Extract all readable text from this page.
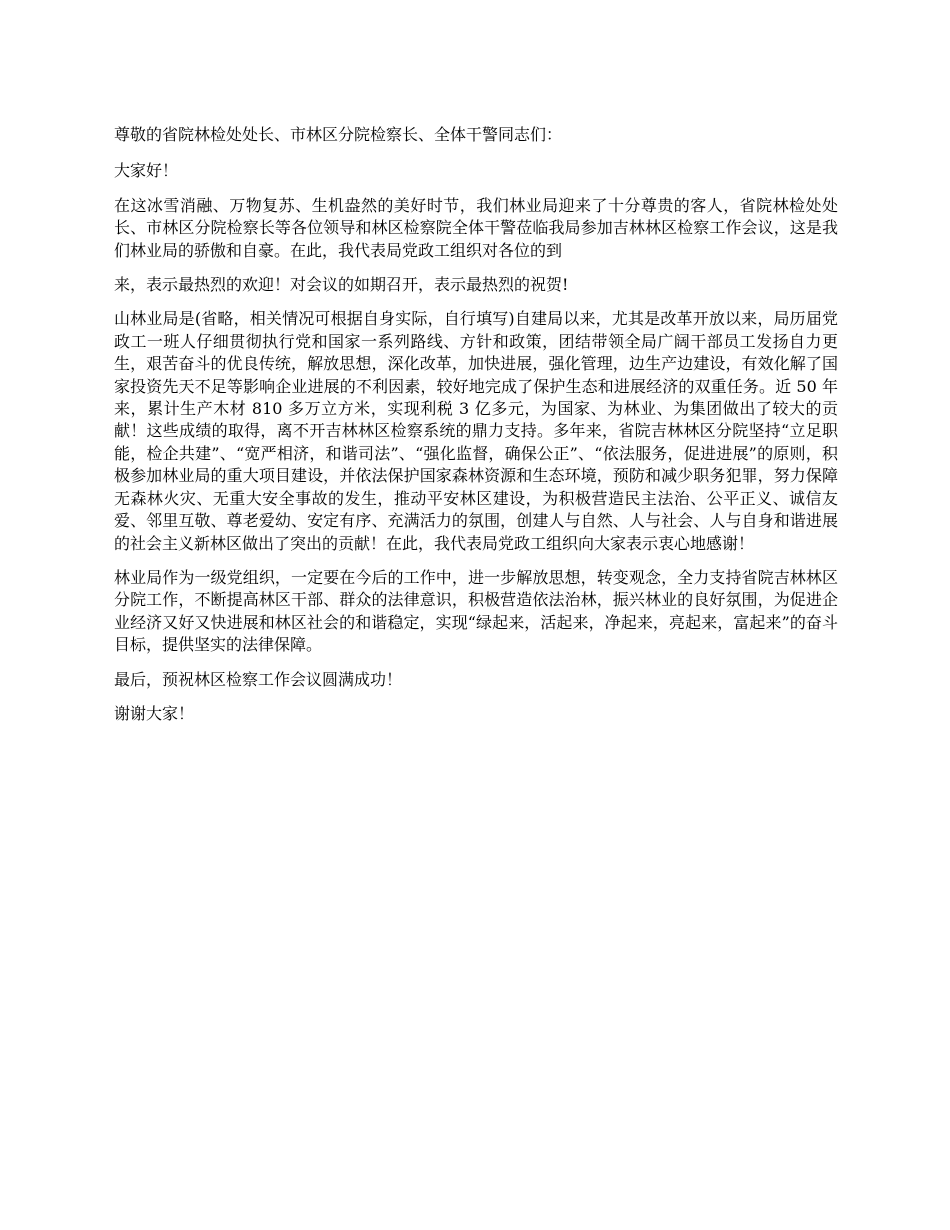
尊敬的省院林检处处长、市林区分院检察长、全体干警同志们：

大家好！

在这冰雪消融、万物复苏、生机盎然的美好时节，我们林业局迎来了十分尊贵的客人，省院林检处处长、市林区分院检察长等各位领导和林区检察院全体干警莅临我局参加吉林林区检察工作会议，这是我们林业局的骄傲和自豪。在此，我代表局党政工组织对各位的到

来，表示最热烈的欢迎！对会议的如期召开，表示最热烈的祝贺!

山林业局是(省略，相关情况可根据自身实际，自行填写)自建局以来，尤其是改革开放以来，局历届党政工一班人仔细贯彻执行党和国家一系列路线、方针和政策，团结带领全局广阔干部员工发扬自力更生，艰苦奋斗的优良传统，解放思想，深化改革，加快进展，强化管理，边生产边建设，有效化解了国家投资先天不足等影响企业进展的不利因素，较好地完成了保护生态和进展经济的双重任务。近 50 年来，累计生产木材 810 多万立方米，实现利税 3 亿多元，为国家、为林业、为集团做出了较大的贡献！这些成绩的取得，离不开吉林林区检察系统的鼎力支持。多年来，省院吉林林区分院坚持“立足职能，检企共建”、“宽严相济，和谐司法”、“强化监督，确保公正”、“依法服务，促进进展”的原则，积极参加林业局的重大项目建设，并依法保护国家森林资源和生态环境，预防和减少职务犯罪，努力保障无森林火灾、无重大安全事故的发生，推动平安林区建设，为积极营造民主法治、公平正义、诚信友爱、邻里互敬、尊老爱幼、安定有序、充满活力的氛围，创建人与自然、人与社会、人与自身和谐进展的社会主义新林区做出了突出的贡献！在此，我代表局党政工组织向大家表示衷心地感谢！

林业局作为一级党组织，一定要在今后的工作中，进一步解放思想，转变观念，全力支持省院吉林林区分院工作，不断提高林区干部、群众的法律意识，积极营造依法治林，振兴林业的良好氛围，为促进企业经济又好又快进展和林区社会的和谐稳定，实现“绿起来，活起来，净起来，亮起来，富起来”的奋斗目标，提供坚实的法律保障。

最后，预祝林区检察工作会议圆满成功！

谢谢大家！
